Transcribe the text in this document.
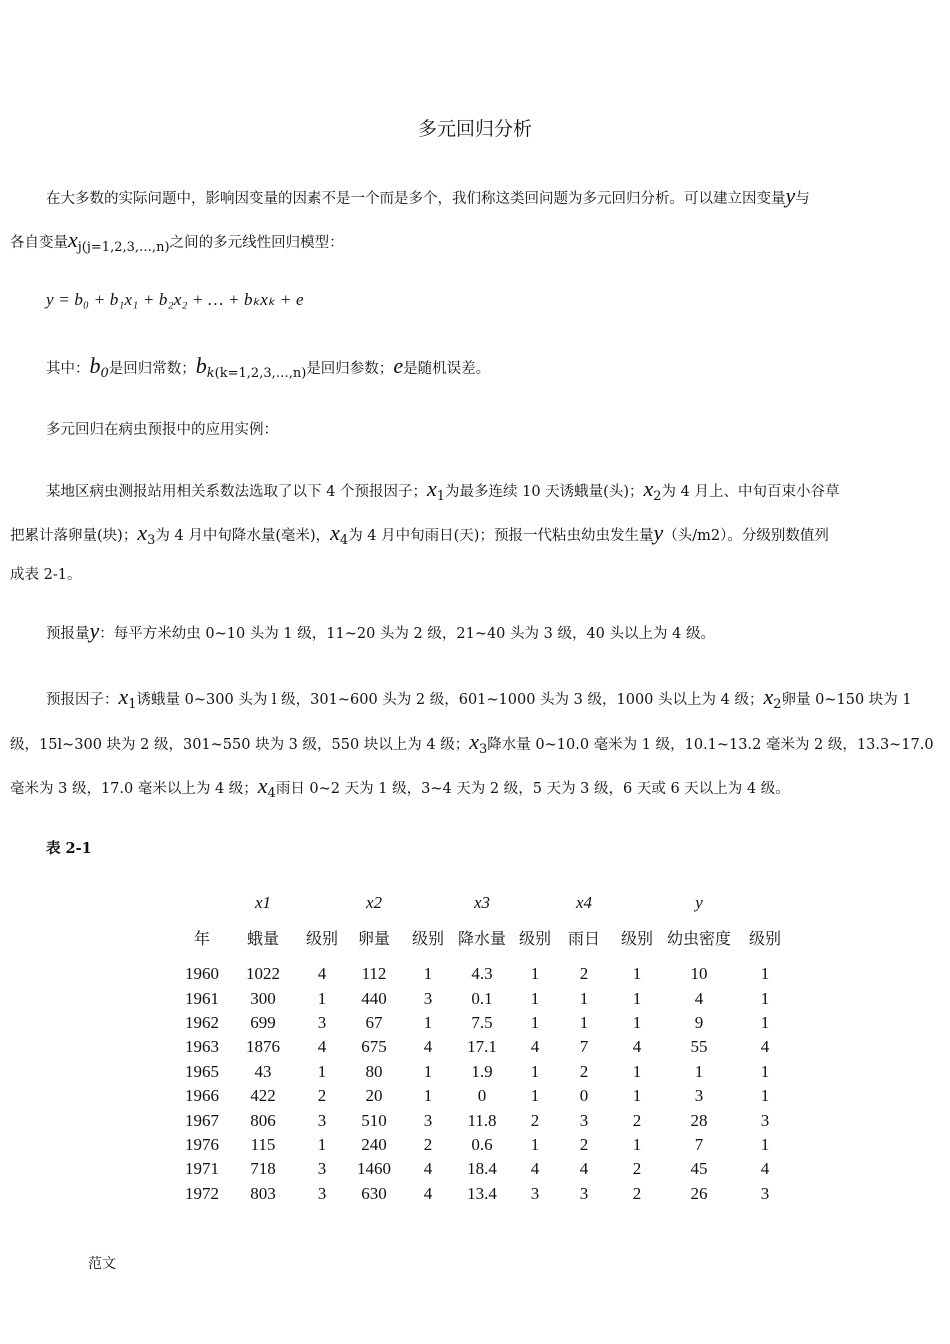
多元回归分析
在大多数的实际问题中，影响因变量的因素不是一个而是多个，我们称这类回问题为多元回归分析。可以建立因变量y与
各自变量xj(j=1,2,3,…,n)之间的多元线性回归模型：
y = b₀ + b₁x₁ + b₂x₂ + … + bₖxₖ + e
其中：b0是回归常数；bk(k=1,2,3,…,n)是回归参数；e是随机误差。
多元回归在病虫预报中的应用实例：
某地区病虫测报站用相关系数法选取了以下 4 个预报因子；x1为最多连续 10 天诱蛾量(头)；x2为 4 月上、中旬百束小谷草
把累计落卵量(块)；x3为 4 月中旬降水量(毫米)，x4为 4 月中旬雨日(天)；预报一代粘虫幼虫发生量y（头/m2）。分级别数值列
成表 2-1。
预报量y：每平方米幼虫 0~10 头为 1 级，11~20 头为 2 级，21~40 头为 3 级，40 头以上为 4 级。
预报因子：x1诱蛾量 0~300 头为 l 级，301~600 头为 2 级，601~1000 头为 3 级，1000 头以上为 4 级；x2卵量 0~150 块为 1
级，15l~300 块为 2 级，301~550 块为 3 级，550 块以上为 4 级；x3降水量 0~10.0 毫米为 1 级，10.1~13.2 毫米为 2 级，13.3~17.0
毫米为 3 级，17.0 毫米以上为 4 级；x4雨日 0~2 天为 1 级，3~4 天为 2 级，5 天为 3 级，6 天或 6 天以上为 4 级。
表 2-1
	x1		x2		x3		x4		y	
年	蛾量	级别	卵量	级别	降水量	级别	雨日	级别	幼虫密度	级别
1960	1022	4	112	1	4.3	1	2	1	10	1
1961	300	1	440	3	0.1	1	1	1	4	1
1962	699	3	67	1	7.5	1	1	1	9	1
1963	1876	4	675	4	17.1	4	7	4	55	4
1965	43	1	80	1	1.9	1	2	1	1	1
1966	422	2	20	1	0	1	0	1	3	1
1967	806	3	510	3	11.8	2	3	2	28	3
1976	115	1	240	2	0.6	1	2	1	7	1
1971	718	3	1460	4	18.4	4	4	2	45	4
1972	803	3	630	4	13.4	3	3	2	26	3
范文
